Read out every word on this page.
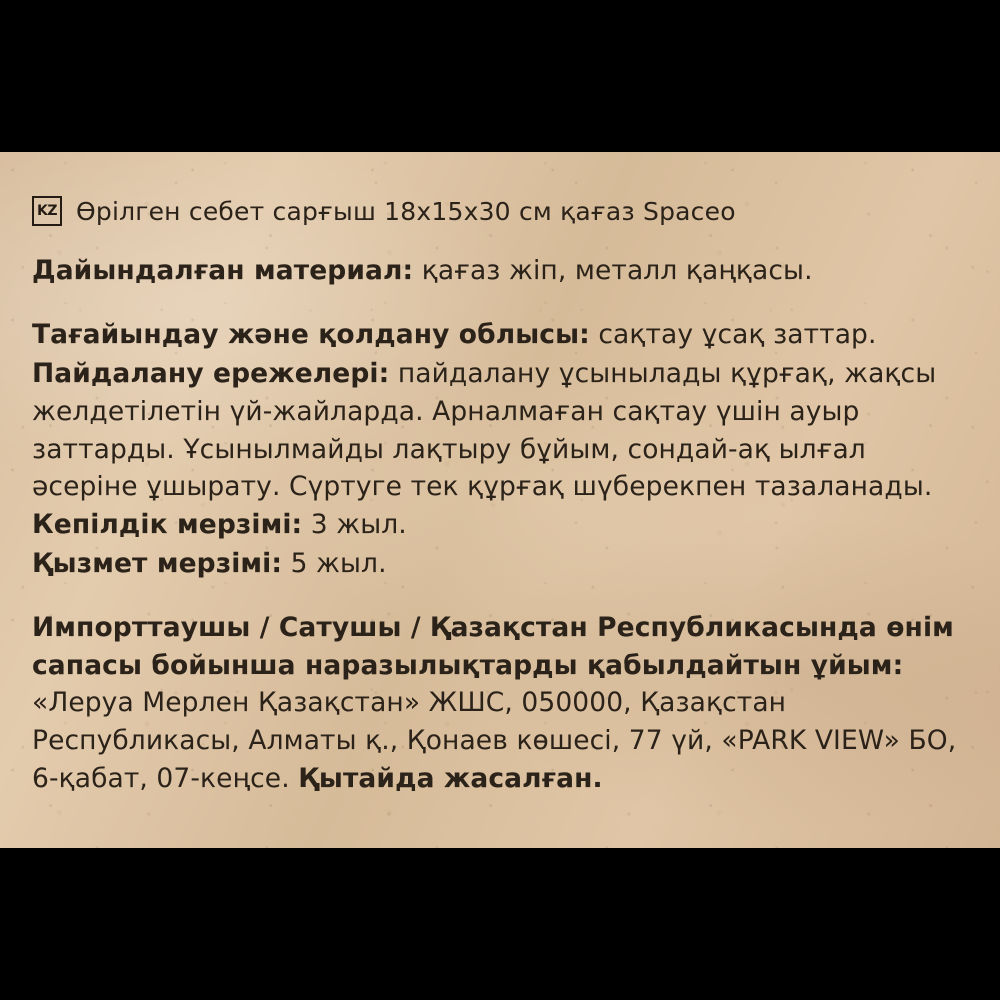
KZ Өрілген себет сарғыш 18х15х30 см қағаз Spaceo
Дайындалған материал: қағаз жіп, металл қаңқасы.
Тағайындау және қолдану облысы: сақтау ұсақ заттар.
Пайдалану ережелері: пайдалану ұсынылады құрғақ, жақсы желдетілетін үй-жайларда. Арналмаған сақтау үшін ауыр заттарды. Ұсынылмайды лақтыру бұйым, сондай-ақ ылғал әсеріне ұшырату. Сүртуге тек құрғақ шүберекпен тазаланады. Кепілдік мерзімі: 3 жыл.
Қызмет мерзімі: 5 жыл.
Импорттаушы / Сатушы / Қазақстан Республикасында өнім сапасы бойынша наразылықтарды қабылдайтын ұйым: «Леруа Мерлен Қазақстан» ЖШС, 050000, Қазақстан Республикасы, Алматы қ., Қонаев көшесі, 77 үй, «PARK VIEW» БО, 6-қабат, 07-кеңсе. Қытайда жасалған.
